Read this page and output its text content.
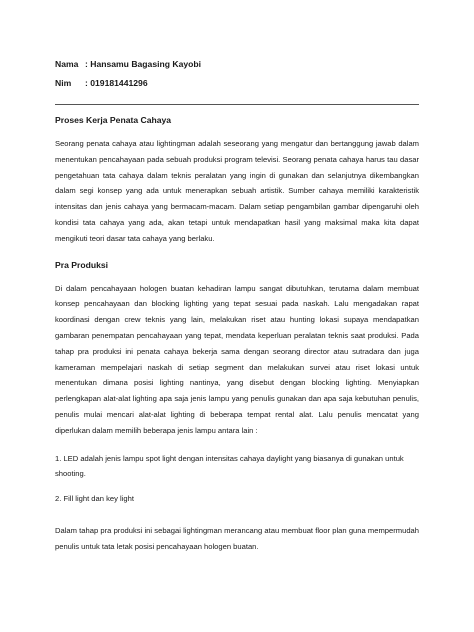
Nama : Hansamu Bagasing Kayobi
Nim	: 019181441296
Proses Kerja Penata Cahaya

Seorang penata cahaya atau lightingman adalah seseorang yang mengatur dan bertanggung jawab dalam menentukan pencahayaan pada sebuah produksi program televisi. Seorang penata cahaya harus tau dasar pengetahuan tata cahaya dalam teknis peralatan yang ingin di gunakan dan selanjutnya dikembangkan dalam segi konsep yang ada untuk menerapkan sebuah artistik. Sumber cahaya memiliki karakteristik intensitas dan jenis cahaya yang bermacam-macam. Dalam setiap pengambilan gambar dipengaruhi oleh kondisi tata cahaya yang ada, akan tetapi untuk mendapatkan hasil yang maksimal maka kita dapat mengikuti teori dasar tata cahaya yang berlaku.

Pra Produksi

Di dalam pencahayaan hologen buatan kehadiran lampu sangat dibutuhkan, terutama dalam membuat konsep pencahayaan dan blocking lighting yang tepat sesuai pada naskah. Lalu mengadakan rapat koordinasi dengan crew teknis yang lain, melakukan riset atau hunting lokasi supaya mendapatkan gambaran penempatan pencahayaan yang tepat, mendata keperluan peralatan teknis saat produksi. Pada tahap pra produksi ini penata cahaya bekerja sama dengan seorang director atau sutradara dan juga kameraman mempelajari naskah di setiap segment dan melakukan survei atau riset lokasi untuk menentukan dimana posisi lighting nantinya, yang disebut dengan blocking lighting. Menyiapkan perlengkapan alat-alat lighting apa saja jenis lampu yang penulis gunakan dan apa saja kebutuhan penulis, penulis mulai mencari alat-alat lighting di beberapa tempat rental alat. Lalu penulis mencatat yang diperlukan dalam memilih beberapa jenis lampu antara lain :

1. LED adalah jenis lampu spot light dengan intensitas cahaya daylight yang biasanya di gunakan untuk shooting.

2. Fill light dan key light

Dalam tahap pra produksi ini sebagai lightingman merancang atau membuat floor plan guna mempermudah penulis untuk tata letak posisi pencahayaan hologen buatan.
